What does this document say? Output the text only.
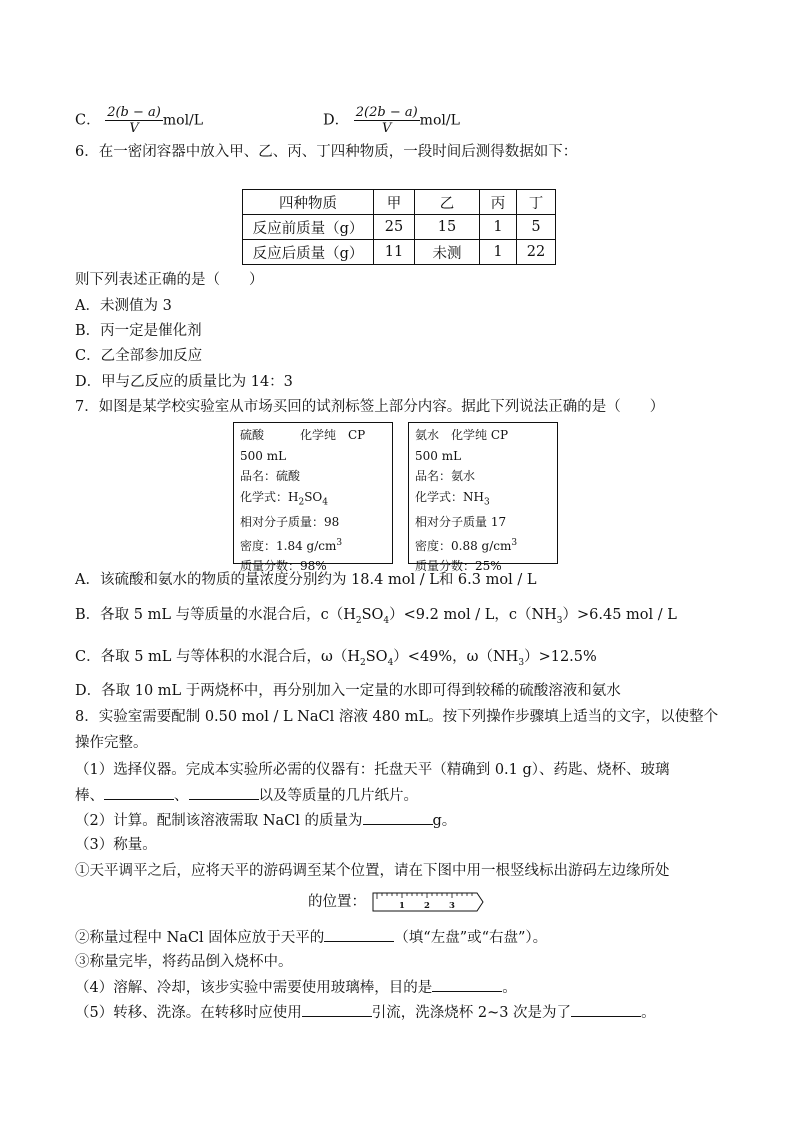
C． $\frac{2(b - a)}{V} mol/L$	D． $\frac{2(2b - a)}{V} mol/L$
6．在一密闭容器中放入甲、乙、丙、丁四种物质，一段时间后测得数据如下：
四种物质	甲	乙	丙	丁
反应前质量（g）	25	15	1	5
反应后质量（g）	11	未测	1	22
则下列表述正确的是（　　）
A．未测值为 3
B．丙一定是催化剂
C．乙全部参加反应
D．甲与乙反应的质量比为 14：3
7．如图是某学校实验室从市场买回的试剂标签上部分内容。据此下列说法正确的是（　　）
硫酸　　　化学纯　CP
500 mL
品名：硫酸
化学式：$H_2SO_4$
相对分子质量：98
密度：1.84 $g/cm^3$
质量分数：98%
氨水　化学纯 CP
500 mL
品名：氨水
化学式：$NH_3$
相对分子质量 17
密度：0.88 $g/cm^3$
质量分数：25%
A．该硫酸和氨水的物质的量浓度分别约为 18.4 mol / L和 6.3 mol / L
B．各取 5 mL 与等质量的水混合后，$c(H_2SO_4)<9.2$ mol / L，$c(NH_3)>6.45$ mol / L
C．各取 5 mL 与等体积的水混合后，$\omega(H_2SO_4)<49\%$，$\omega(NH_3)>12.5\%$
D．各取 10 mL 于两烧杯中，再分别加入一定量的水即可得到较稀的硫酸溶液和氨水
8．实验室需要配制 0.50 mol / L NaCl 溶液 480 mL。按下列操作步骤填上适当的文字，以使整个
操作完整。
（1）选择仪器。完成本实验所必需的仪器有：托盘天平（精确到 0.1 g）、药匙、烧杯、玻璃
棒、	、	以及等质量的几片纸片。
（2）计算。配制该溶液需取 NaCl 的质量为	g。
（3）称量。
①天平调平之后，应将天平的游码调至某个位置，请在下图中用一根竖线标出游码左边缘所处
的位置：	1 2 3
②称量过程中 NaCl 固体应放于天平的	（填“左盘”或“右盘”）。
③称量完毕，将药品倒入烧杯中。
（4）溶解、冷却，该步实验中需要使用玻璃棒，目的是	。
（5）转移、洗涤。在转移时应使用	引流，洗涤烧杯 2~3 次是为了	。
